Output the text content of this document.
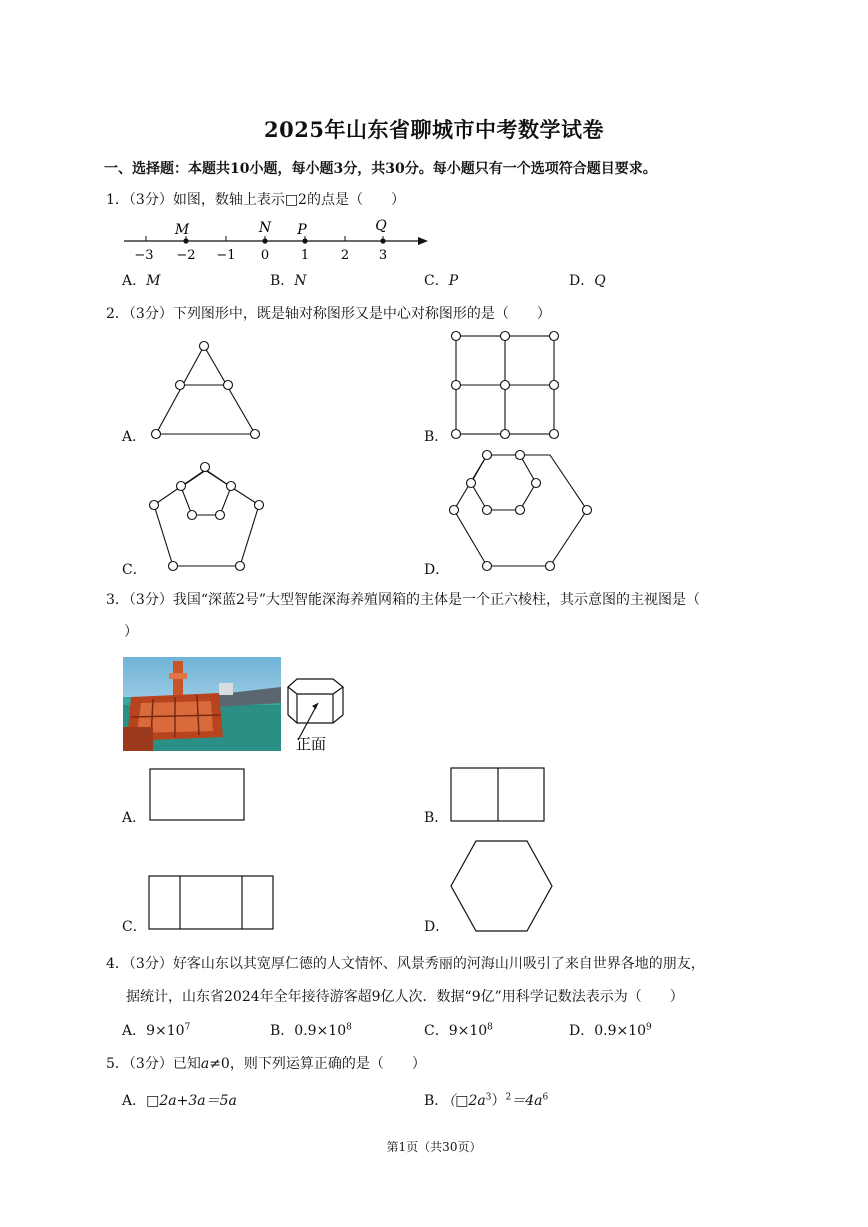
2025年山东省聊城市中考数学试卷
一、选择题：本题共10小题，每小题3分，共30分。每小题只有一个选项符合题目要求。
1．（3分）如图，数轴上表示□2的点是（　　）
M	N P	Q
−3 −2 −1 0 1 2 3
A．M	B．N	C．P	D．Q
2．（3分）下列图形中，既是轴对称图形又是中心对称图形的是（　　）
A．	B．
C．	D．
3．（3分）我国“深蓝2号”大型智能深海养殖网箱的主体是一个正六棱柱，其示意图的主视图是（
）
正面
A．	B．
C．	D．
4．（3分）好客山东以其宽厚仁德的人文情怀、风景秀丽的河海山川吸引了来自世界各地的朋友，
据统计，山东省2024年全年接待游客超9亿人次．数据“9亿”用科学记数法表示为（　　）
A．$9\times 10^7$	B．$0.9\times 10^8$	C．$9\times 10^8$	D．$0.9\times 10^9$
5．（3分）已知a≠0，则下列运算正确的是（　　）
A．□2a+3a＝5a	B．$(□2a^3)^2=4a^6$
第1页（共30页）
